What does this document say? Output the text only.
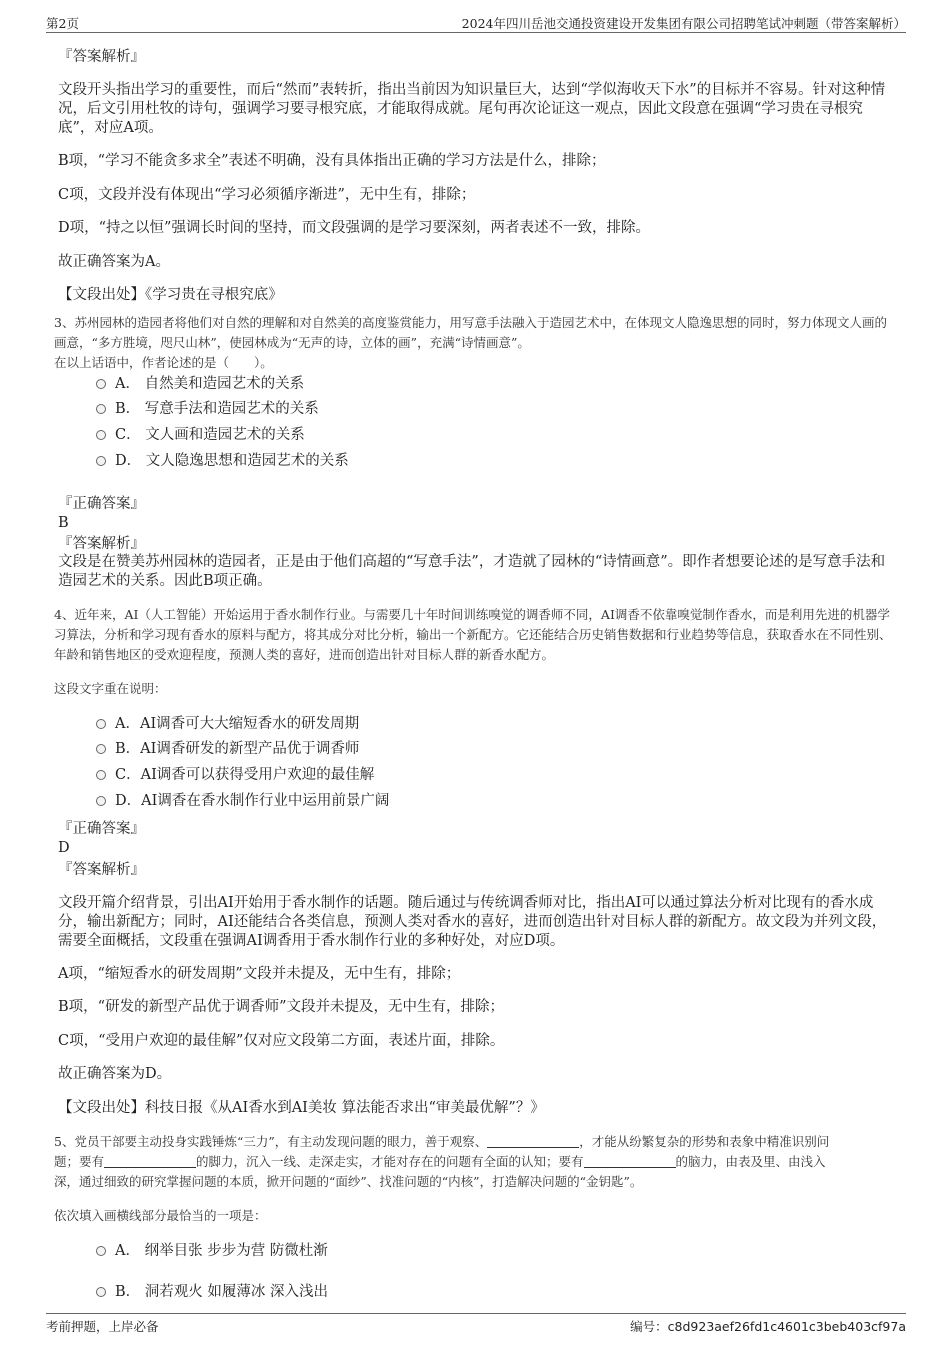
第2页	2024年四川岳池交通投资建设开发集团有限公司招聘笔试冲刺题（带答案解析）
『答案解析』
文段开头指出学习的重要性，而后“然而”表转折，指出当前因为知识量巨大，达到“学似海收天下水”的目标并不容易。针对这种情况，后文引用杜牧的诗句，强调学习要寻根究底，才能取得成就。尾句再次论证这一观点，因此文段意在强调“学习贵在寻根究底”，对应A项。
B项，“学习不能贪多求全”表述不明确，没有具体指出正确的学习方法是什么，排除；
C项，文段并没有体现出“学习必须循序渐进”，无中生有，排除；
D项，“持之以恒”强调长时间的坚持，而文段强调的是学习要深刻，两者表述不一致，排除。
故正确答案为A。
【文段出处】《学习贵在寻根究底》
3、苏州园林的造园者将他们对自然的理解和对自然美的高度鉴赏能力，用写意手法融入于造园艺术中，在体现文人隐逸思想的同时，努力体现文人画的画意，“多方胜境，咫尺山林”，使园林成为“无声的诗，立体的画”，充满“诗情画意”。
在以上话语中，作者论述的是（　　）。
A． 自然美和造园艺术的关系
B． 写意手法和造园艺术的关系
C． 文人画和造园艺术的关系
D． 文人隐逸思想和造园艺术的关系
『正确答案』
B
『答案解析』
文段是在赞美苏州园林的造园者，正是由于他们高超的“写意手法”，才造就了园林的“诗情画意”。即作者想要论述的是写意手法和造园艺术的关系。因此B项正确。
4、近年来，AI（人工智能）开始运用于香水制作行业。与需要几十年时间训练嗅觉的调香师不同，AI调香不依靠嗅觉制作香水，而是利用先进的机器学习算法，分析和学习现有香水的原料与配方，将其成分对比分析，输出一个新配方。它还能结合历史销售数据和行业趋势等信息，获取香水在不同性别、年龄和销售地区的受欢迎程度，预测人类的喜好，进而创造出针对目标人群的新香水配方。
这段文字重在说明：
A．AI调香可大大缩短香水的研发周期
B．AI调香研发的新型产品优于调香师
C．AI调香可以获得受用户欢迎的最佳解
D．AI调香在香水制作行业中运用前景广阔
『正确答案』
D
『答案解析』
文段开篇介绍背景，引出AI开始用于香水制作的话题。随后通过与传统调香师对比，指出AI可以通过算法分析对比现有的香水成分，输出新配方；同时，AI还能结合各类信息，预测人类对香水的喜好，进而创造出针对目标人群的新配方。故文段为并列文段，需要全面概括，文段重在强调AI调香用于香水制作行业的多种好处，对应D项。
A项，“缩短香水的研发周期”文段并未提及，无中生有，排除；
B项，“研发的新型产品优于调香师”文段并未提及，无中生有，排除；
C项，“受用户欢迎的最佳解”仅对应文段第二方面，表述片面，排除。
故正确答案为D。
【文段出处】科技日报《从AI香水到AI美妆 算法能否求出“审美最优解”？》
5、党员干部要主动投身实践锤炼“三力”，有主动发现问题的眼力，善于观察、	，才能从纷繁复杂的形势和表象中精准识别问
题；要有	的脚力，沉入一线、走深走实，才能对存在的问题有全面的认知；要有	的脑力，由表及里、由浅入
深，通过细致的研究掌握问题的本质，掀开问题的“面纱”、找准问题的“内核”，打造解决问题的“金钥匙”。
依次填入画横线部分最恰当的一项是：
A． 纲举目张 步步为营 防微杜渐
B． 洞若观火 如履薄冰 深入浅出
考前押题，上岸必备	编号：c8d923aef26fd1c4601c3beb403cf97a
